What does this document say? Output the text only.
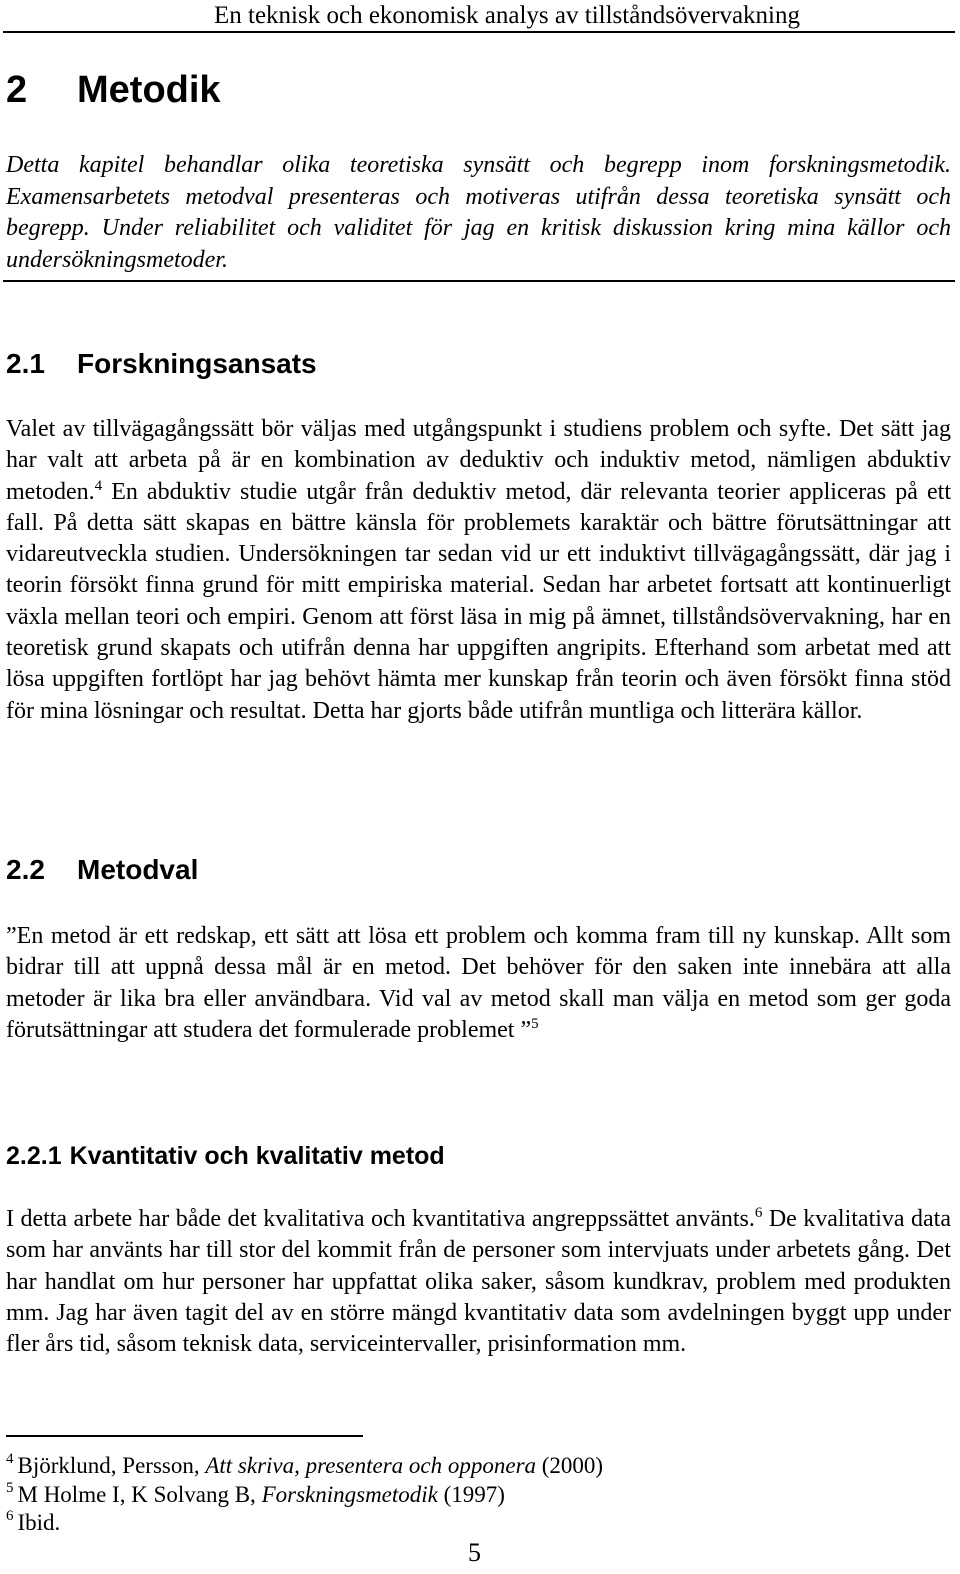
En teknisk och ekonomisk analys av tillståndsövervakning
2 Metodik

Detta kapitel behandlar olika teoretiska synsätt och begrepp inom forskningsmetodik. Examensarbetets metodval presenteras och motiveras utifrån dessa teoretiska synsätt och begrepp. Under reliabilitet och validitet för jag en kritisk diskussion kring mina källor och undersökningsmetoder.

2.1 Forskningsansats

Valet av tillvägagångssätt bör väljas med utgångspunkt i studiens problem och syfte. Det sätt jag har valt att arbeta på är en kombination av deduktiv och induktiv metod, nämligen abduktiv metoden.$^4$ En abduktiv studie utgår från deduktiv metod, där relevanta teorier appliceras på ett fall. På detta sätt skapas en bättre känsla för problemets karaktär och bättre förutsättningar att vidareutveckla studien. Undersökningen tar sedan vid ur ett induktivt tillvägagångssätt, där jag i teorin försökt finna grund för mitt empiriska material. Sedan har arbetet fortsatt att kontinuerligt växla mellan teori och empiri. Genom att först läsa in mig på ämnet, tillståndsövervakning, har en teoretisk grund skapats och utifrån denna har uppgiften angripits. Efterhand som arbetat med att lösa uppgiften fortlöpt har jag behövt hämta mer kunskap från teorin och även försökt finna stöd för mina lösningar och resultat. Detta har gjorts både utifrån muntliga och litterära källor.

2.2 Metodval

”En metod är ett redskap, ett sätt att lösa ett problem och komma fram till ny kunskap. Allt som bidrar till att uppnå dessa mål är en metod. Det behöver för den saken inte innebära att alla metoder är lika bra eller användbara. Vid val av metod skall man välja en metod som ger goda förutsättningar att studera det formulerade problemet ”$^5$

2.2.1 Kvantitativ och kvalitativ metod

I detta arbete har både det kvalitativa och kvantitativa angreppssättet använts.$^6$ De kvalitativa data som har använts har till stor del kommit från de personer som intervjuats under arbetets gång. Det har handlat om hur personer har uppfattat olika saker, såsom kundkrav, problem med produkten mm. Jag har även tagit del av en större mängd kvantitativ data som avdelningen byggt upp under fler års tid, såsom teknisk data, serviceintervaller, prisinformation mm.

$^4$ Björklund, Persson, Att skriva, presentera och opponera (2000)
$^5$ M Holme I, K Solvang B, Forskningsmetodik (1997)
$^6$ Ibid.
5
